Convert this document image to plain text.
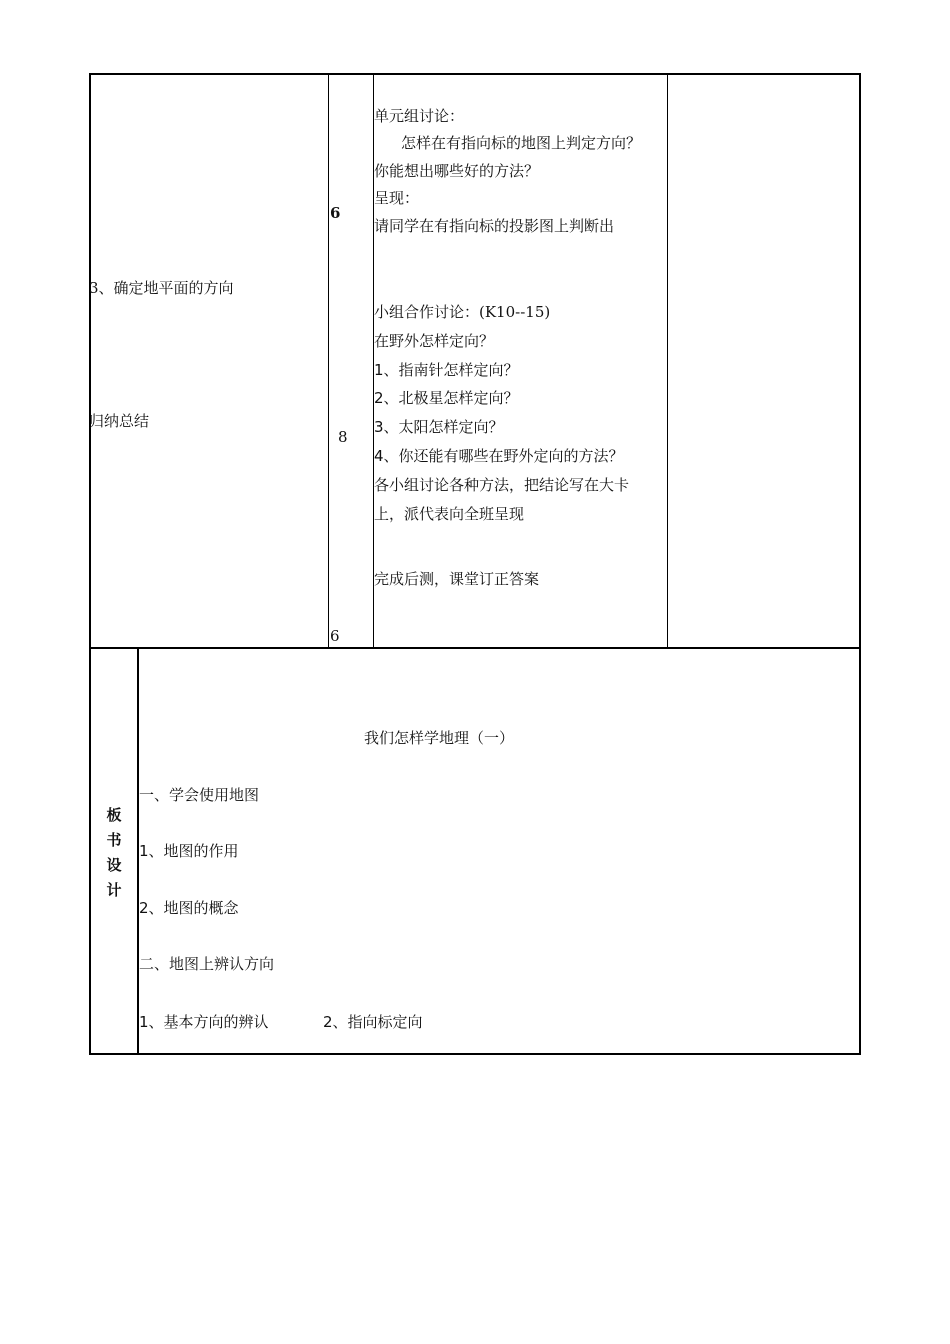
3、确定地平面的方向
归纳总结
6
8
6
单元组讨论：
怎样在有指向标的地图上判定方向？
你能想出哪些好的方法？
呈现：
请同学在有指向标的投影图上判断出
小组合作讨论：(K10--15)
在野外怎样定向？
1、指南针怎样定向？
2、北极星怎样定向？
3、太阳怎样定向？
4、你还能有哪些在野外定向的方法？
各小组讨论各种方法，把结论写在大卡
上，派代表向全班呈现
完成后测，课堂订正答案
板
书
设
计
我们怎样学地理（一）
一、学会使用地图
1、地图的作用
2、地图的概念
二、地图上辨认方向
1、基本方向的辨认	2、指向标定向
